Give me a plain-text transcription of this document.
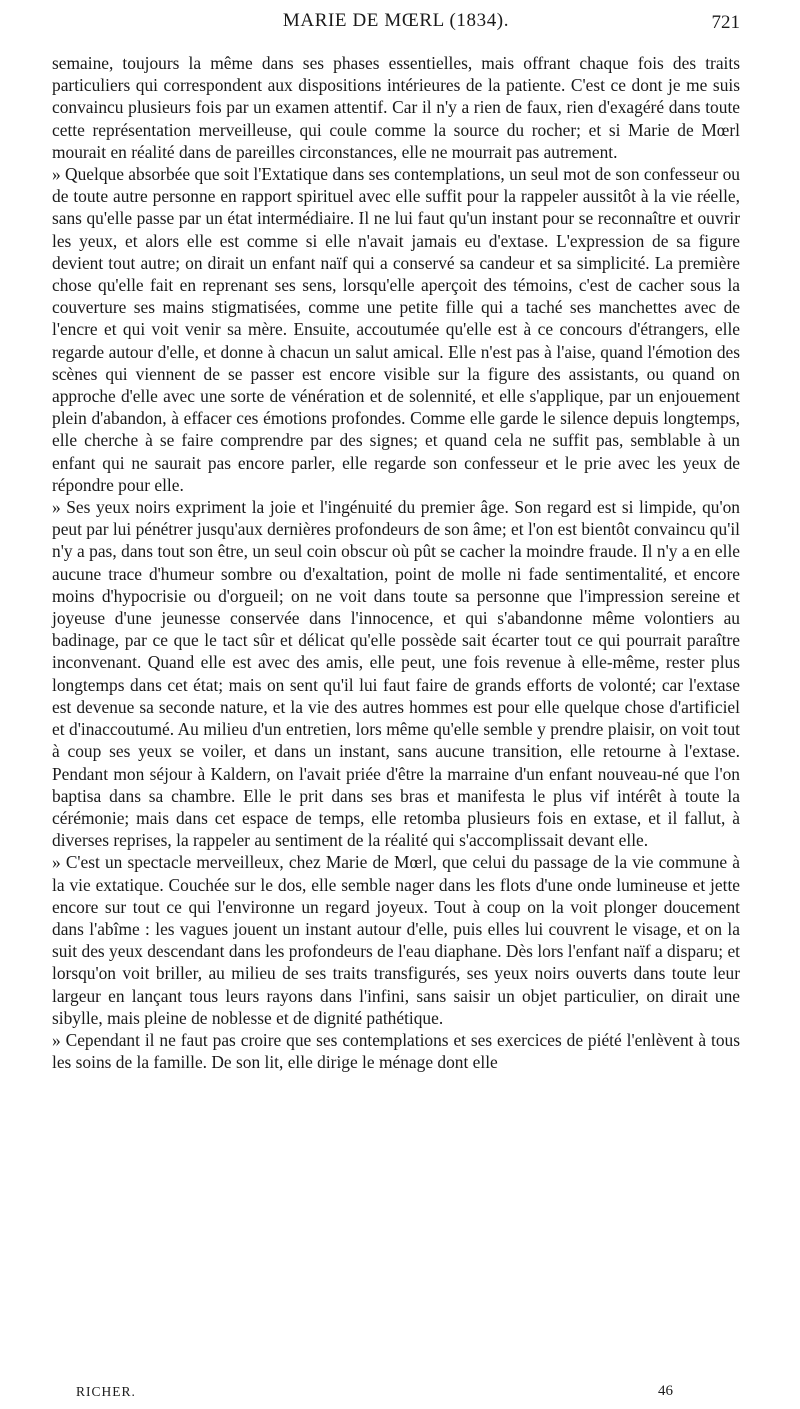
MARIE DE MŒRL (1834).	721

semaine, toujours la même dans ses phases essentielles, mais offrant chaque fois des traits particuliers qui correspondent aux dispositions intérieures de la patiente. C'est ce dont je me suis convaincu plusieurs fois par un examen attentif. Car il n'y a rien de faux, rien d'exagéré dans toute cette représentation merveilleuse, qui coule comme la source du rocher; et si Marie de Mœrl mourait en réalité dans de pareilles circonstances, elle ne mourrait pas autrement.

» Quelque absorbée que soit l'Extatique dans ses contemplations, un seul mot de son confesseur ou de toute autre personne en rapport spirituel avec elle suffit pour la rappeler aussitôt à la vie réelle, sans qu'elle passe par un état intermédiaire. Il ne lui faut qu'un instant pour se reconnaître et ouvrir les yeux, et alors elle est comme si elle n'avait jamais eu d'extase. L'expression de sa figure devient tout autre; on dirait un enfant naïf qui a conservé sa candeur et sa simplicité. La première chose qu'elle fait en reprenant ses sens, lorsqu'elle aperçoit des témoins, c'est de cacher sous la couverture ses mains stigmatisées, comme une petite fille qui a taché ses manchettes avec de l'encre et qui voit venir sa mère. Ensuite, accoutumée qu'elle est à ce concours d'étrangers, elle regarde autour d'elle, et donne à chacun un salut amical. Elle n'est pas à l'aise, quand l'émotion des scènes qui viennent de se passer est encore visible sur la figure des assistants, ou quand on approche d'elle avec une sorte de vénération et de solennité, et elle s'applique, par un enjouement plein d'abandon, à effacer ces émotions profondes. Comme elle garde le silence depuis longtemps, elle cherche à se faire comprendre par des signes; et quand cela ne suffit pas, semblable à un enfant qui ne saurait pas encore parler, elle regarde son confesseur et le prie avec les yeux de répondre pour elle.

» Ses yeux noirs expriment la joie et l'ingénuité du premier âge. Son regard est si limpide, qu'on peut par lui pénétrer jusqu'aux dernières profondeurs de son âme; et l'on est bientôt convaincu qu'il n'y a pas, dans tout son être, un seul coin obscur où pût se cacher la moindre fraude. Il n'y a en elle aucune trace d'humeur sombre ou d'exaltation, point de molle ni fade sentimentalité, et encore moins d'hypocrisie ou d'orgueil; on ne voit dans toute sa personne que l'impression sereine et joyeuse d'une jeunesse conservée dans l'innocence, et qui s'abandonne même volontiers au badinage, par ce que le tact sûr et délicat qu'elle possède sait écarter tout ce qui pourrait paraître inconvenant. Quand elle est avec des amis, elle peut, une fois revenue à elle-même, rester plus longtemps dans cet état; mais on sent qu'il lui faut faire de grands efforts de volonté; car l'extase est devenue sa seconde nature, et la vie des autres hommes est pour elle quelque chose d'artificiel et d'inaccoutumé. Au milieu d'un entretien, lors même qu'elle semble y prendre plaisir, on voit tout à coup ses yeux se voiler, et dans un instant, sans aucune transition, elle retourne à l'extase. Pendant mon séjour à Kaldern, on l'avait priée d'être la marraine d'un enfant nouveau-né que l'on baptisa dans sa chambre. Elle le prit dans ses bras et manifesta le plus vif intérêt à toute la cérémonie; mais dans cet espace de temps, elle retomba plusieurs fois en extase, et il fallut, à diverses reprises, la rappeler au sentiment de la réalité qui s'accomplissait devant elle.

» C'est un spectacle merveilleux, chez Marie de Mœrl, que celui du passage de la vie commune à la vie extatique. Couchée sur le dos, elle semble nager dans les flots d'une onde lumineuse et jette encore sur tout ce qui l'environne un regard joyeux. Tout à coup on la voit plonger doucement dans l'abîme : les vagues jouent un instant autour d'elle, puis elles lui couvrent le visage, et on la suit des yeux descendant dans les profondeurs de l'eau diaphane. Dès lors l'enfant naïf a disparu; et lorsqu'on voit briller, au milieu de ses traits transfigurés, ses yeux noirs ouverts dans toute leur largeur en lançant tous leurs rayons dans l'infini, sans saisir un objet particulier, on dirait une sibylle, mais pleine de noblesse et de dignité pathétique.

» Cependant il ne faut pas croire que ses contemplations et ses exercices de piété l'enlèvent à tous les soins de la famille. De son lit, elle dirige le ménage dont elle

RICHER.	46
